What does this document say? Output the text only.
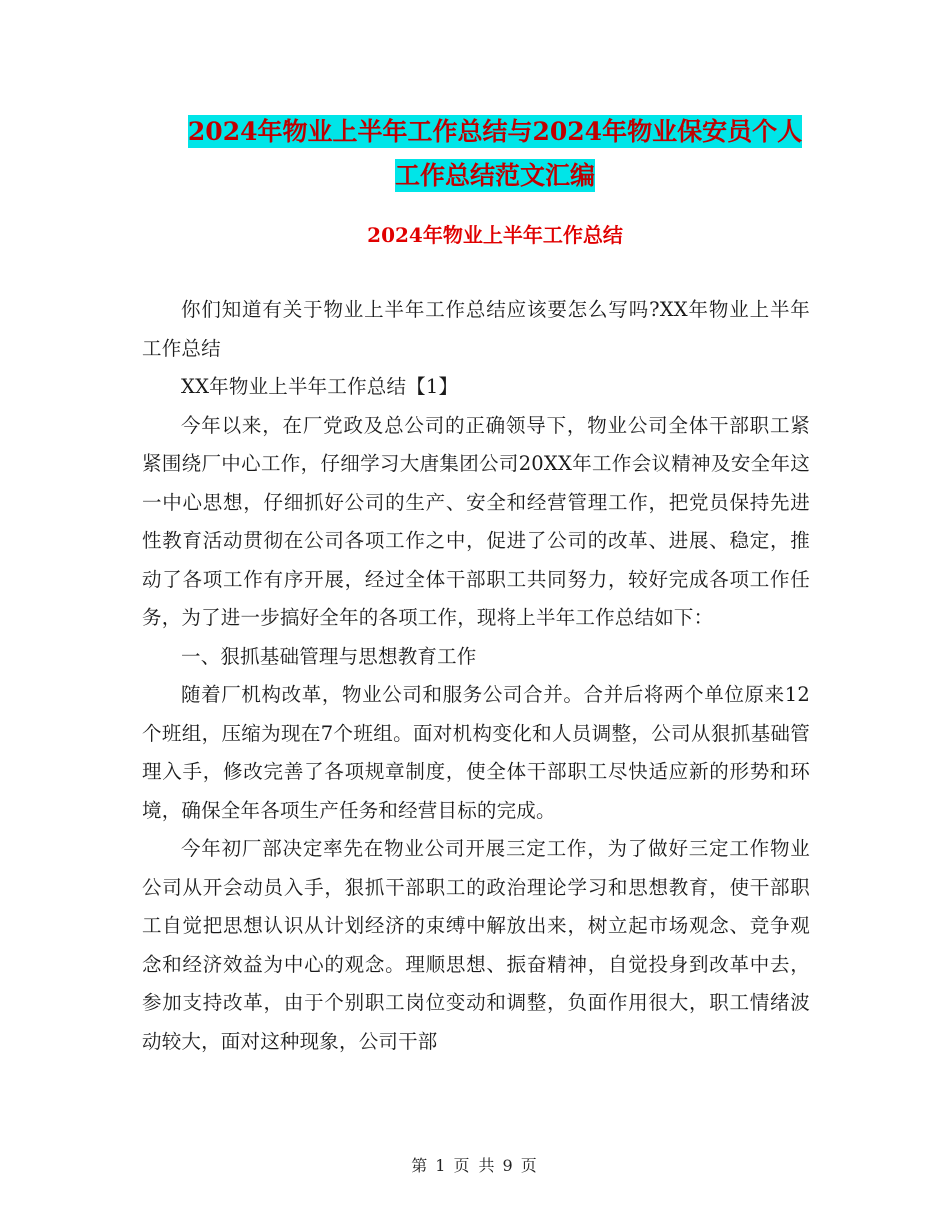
2024年物业上半年工作总结与2024年物业保安员个人
工作总结范文汇编
2024年物业上半年工作总结

你们知道有关于物业上半年工作总结应该要怎么写吗?XX年物业上半年工作总结

XX年物业上半年工作总结【1】

今年以来，在厂党政及总公司的正确领导下，物业公司全体干部职工紧紧围绕厂中心工作，仔细学习大唐集团公司20XX年工作会议精神及安全年这一中心思想，仔细抓好公司的生产、安全和经营管理工作，把党员保持先进性教育活动贯彻在公司各项工作之中，促进了公司的改革、进展、稳定，推动了各项工作有序开展，经过全体干部职工共同努力，较好完成各项工作任务，为了进一步搞好全年的各项工作，现将上半年工作总结如下：

一、狠抓基础管理与思想教育工作

随着厂机构改革，物业公司和服务公司合并。合并后将两个单位原来12个班组，压缩为现在7个班组。面对机构变化和人员调整，公司从狠抓基础管理入手，修改完善了各项规章制度，使全体干部职工尽快适应新的形势和环境，确保全年各项生产任务和经营目标的完成。

今年初厂部决定率先在物业公司开展三定工作，为了做好三定工作物业公司从开会动员入手，狠抓干部职工的政治理论学习和思想教育，使干部职工自觉把思想认识从计划经济的束缚中解放出来，树立起市场观念、竞争观念和经济效益为中心的观念。理顺思想、振奋精神，自觉投身到改革中去，参加支持改革，由于个别职工岗位变动和调整，负面作用很大，职工情绪波动较大，面对这种现象，公司干部

第 1 页 共 9 页
